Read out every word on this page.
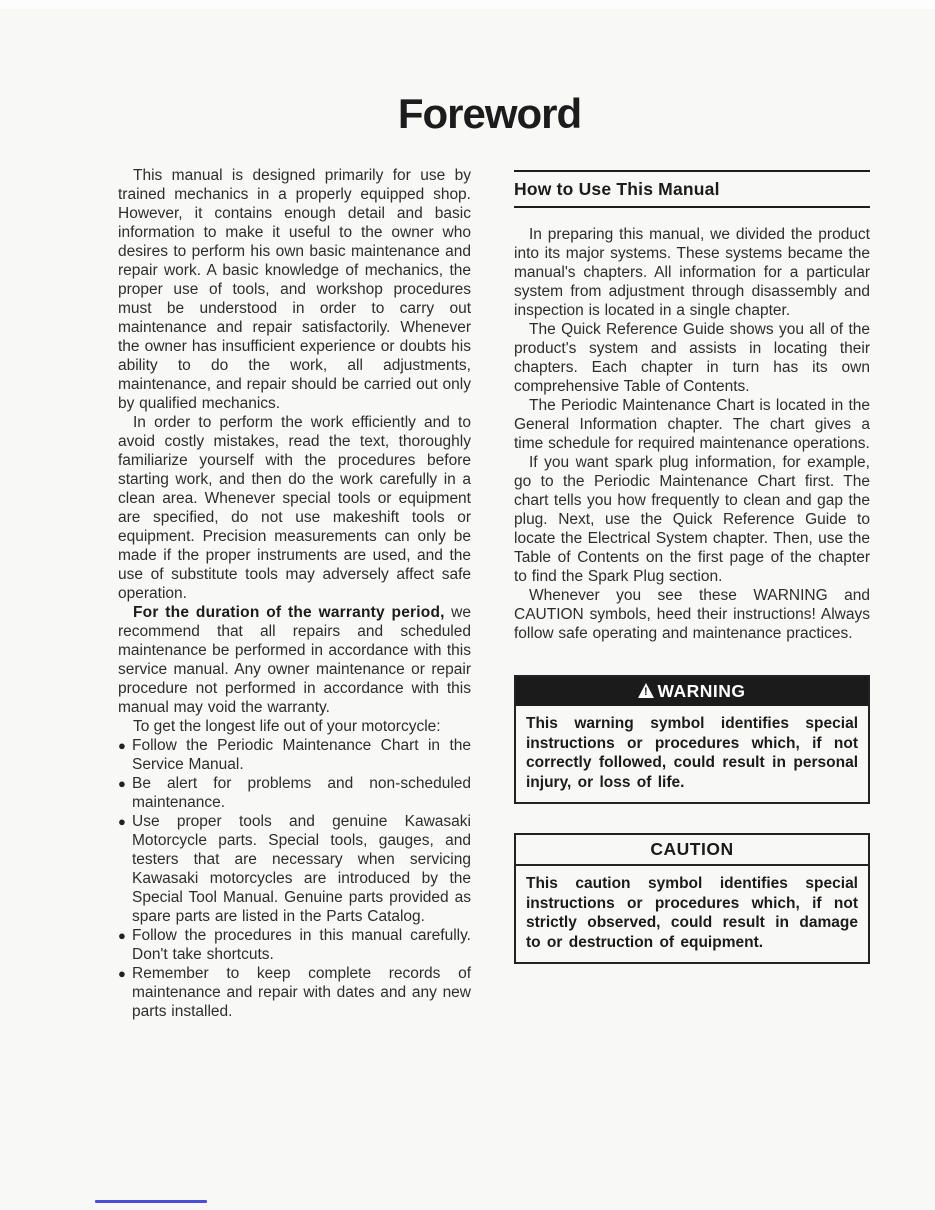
Foreword

This manual is designed primarily for use by trained mechanics in a properly equipped shop. However, it contains enough detail and basic information to make it useful to the owner who desires to perform his own basic maintenance and repair work. A basic knowledge of mechanics, the proper use of tools, and workshop procedures must be understood in order to carry out maintenance and repair satisfactorily. Whenever the owner has insufficient experience or doubts his ability to do the work, all adjustments, maintenance, and repair should be carried out only by qualified mechanics.

In order to perform the work efficiently and to avoid costly mistakes, read the text, thoroughly familiarize yourself with the procedures before starting work, and then do the work carefully in a clean area. Whenever special tools or equipment are specified, do not use makeshift tools or equipment. Precision measurements can only be made if the proper instruments are used, and the use of substitute tools may adversely affect safe operation.

For the duration of the warranty period, we recommend that all repairs and scheduled maintenance be performed in accordance with this service manual. Any owner maintenance or repair procedure not performed in accordance with this manual may void the warranty.

To get the longest life out of your motorcycle:
● Follow the Periodic Maintenance Chart in the Service Manual.
● Be alert for problems and non-scheduled maintenance.
● Use proper tools and genuine Kawasaki Motorcycle parts. Special tools, gauges, and testers that are necessary when servicing Kawasaki motorcycles are introduced by the Special Tool Manual. Genuine parts provided as spare parts are listed in the Parts Catalog.
● Follow the procedures in this manual carefully. Don't take shortcuts.
● Remember to keep complete records of maintenance and repair with dates and any new parts installed.
How to Use This Manual

In preparing this manual, we divided the product into its major systems. These systems became the manual's chapters. All information for a particular system from adjustment through disassembly and inspection is located in a single chapter.

The Quick Reference Guide shows you all of the product's system and assists in locating their chapters. Each chapter in turn has its own comprehensive Table of Contents.

The Periodic Maintenance Chart is located in the General Information chapter. The chart gives a time schedule for required maintenance operations.

If you want spark plug information, for example, go to the Periodic Maintenance Chart first. The chart tells you how frequently to clean and gap the plug. Next, use the Quick Reference Guide to locate the Electrical System chapter. Then, use the Table of Contents on the first page of the chapter to find the Spark Plug section.

Whenever you see these WARNING and CAUTION symbols, heed their instructions! Always follow safe operating and maintenance practices.

!
WARNING
This warning symbol identifies special instructions or procedures which, if not correctly followed, could result in personal injury, or loss of life.
CAUTION
This caution symbol identifies special instructions or procedures which, if not strictly observed, could result in damage to or destruction of equipment.
